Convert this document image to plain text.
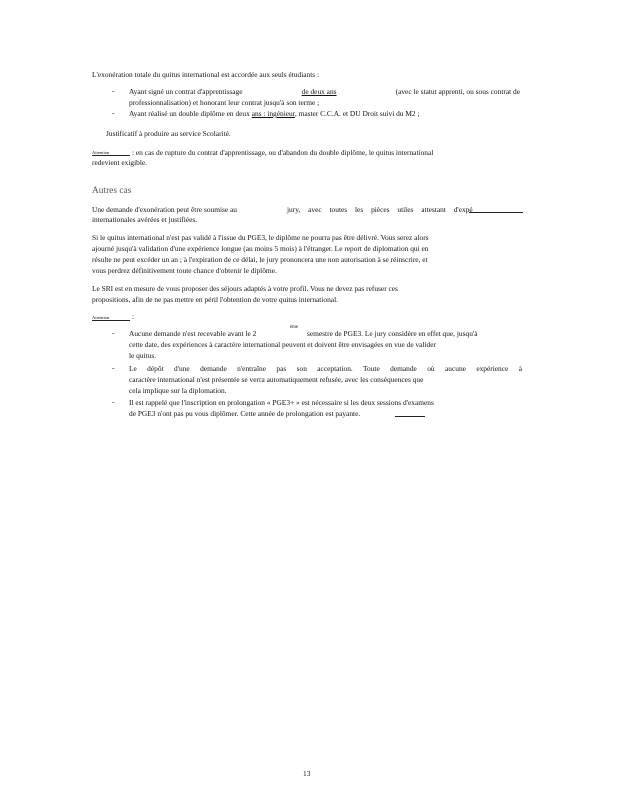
L'exonération totale du quitus international est accordée aux seuls étudiants :
- Ayant signé un contrat d'apprentissage	de deux ans	(avec le statut apprenti, ou sous contrat de
professionnalisation) et honorant leur contrat jusqu'à son terme ;
- Ayant réalisé un double diplôme en deux ans : ingénieur, master C.C.A. et DU Droit suivi du M2 ;
Justificatif à produire au service Scolarité.
Attention	: en cas de rupture du contrat d'apprentissage, ou d'abandon du double diplôme, le quitus international
redevient exigible.
Autres cas
Une demande d'exonération peut être soumise au	jury, avec toutes les pièces utiles attestant d'expé
internationales avérées et justifiées.
Si le quitus international n'est pas validé à l'issue du PGE3, le diplôme ne pourra pas être délivré. Vous serez alors
ajourné jusqu'à validation d'une expérience longue (au moins 5 mois) à l'étranger. Le report de diplomation qui en
résulte ne peut excéder un an ; à l'expiration de ce délai, le jury prononcera une non autorisation à se réinscrire, et
vous perdrez définitivement toute chance d'obtenir le diplôme.
Le SRI est en mesure de vous proposer des séjours adaptés à votre profil. Vous ne devez pas refuser ces
propositions, afin de ne pas mettre en péril l'obtention de votre quitus international.
Attention	:
- Aucune demande n'est recevable avant le 2
ème
semestre de PGE3. Le jury considère en effet que, jusqu'à
cette date, des expériences à caractère international peuvent et doivent être envisagées en vue de valider
le quitus.
- Le dépôt d'une demande n'entraîne pas son acceptation. Toute demande où aucune expérience à
caractère international n'est présentée se verra automatiquement refusée, avec les conséquences que
cela implique sur la diplomation.
- Il est rappelé que l'inscription en prolongation « PGE3+ » est nécessaire si les deux sessions d'examens
de PGE3 n'ont pas pu vous diplômer. Cette année de prolongation est payante.
13
